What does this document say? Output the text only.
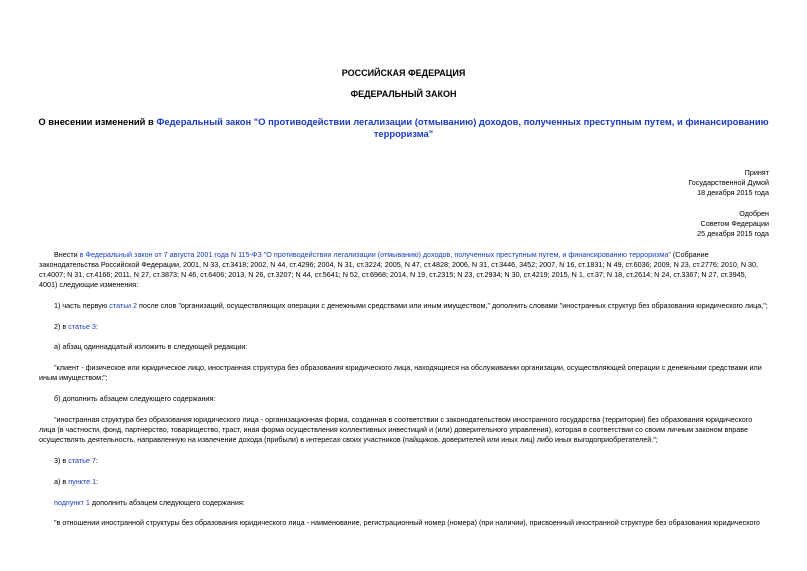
РОССИЙСКАЯ ФЕДЕРАЦИЯ
ФЕДЕРАЛЬНЫЙ ЗАКОН
О внесении изменений в Федеральный закон "О противодействии легализации (отмыванию) доходов, полученных преступным путем, и финансированию
терроризма"
Принят
Государственной Думой
18 декабря 2015 года
Одобрен
Советом Федерации
25 декабря 2015 года
Внести в Федеральный закон от 7 августа 2001 года N 115-ФЗ "О противодействии легализации (отмыванию) доходов, полученных преступным путем, и финансированию терроризма" (Собрание
законодательства Российской Федерации, 2001, N 33, ст.3418; 2002, N 44, ст.4296; 2004, N 31, ст.3224; 2005, N 47, ст.4828; 2006, N 31, ст.3446, 3452; 2007, N 16, ст.1831; N 49, ст.6036; 2009, N 23, ст.2776; 2010, N 30,
ст.4007; N 31, ст.4166; 2011, N 27, ст.3873; N 46, ст.6406; 2013, N 26, ст.3207; N 44, ст.5641; N 52, ст.6968; 2014, N 19, ст.2315; N 23, ст.2934; N 30, ст.4219; 2015, N 1, ст.37; N 18, ст.2614; N 24, ст.3367; N 27, ст.3945,
4001) следующие изменения:
1) часть первую статьи 2 после слов "организаций, осуществляющих операции с денежными средствами или иным имуществом," дополнить словами "иностранных структур без образования юридического лица,";
2) в статье 3:
а) абзац одиннадцатый изложить в следующей редакции:
"клиент - физическое или юридическое лицо, иностранная структура без образования юридического лица, находящиеся на обслуживании организации, осуществляющей операции с денежными средствами или
иным имуществом;";
б) дополнить абзацем следующего содержания:
"иностранная структура без образования юридического лица - организационная форма, созданная в соответствии с законодательством иностранного государства (территории) без образования юридического
лица (в частности, фонд, партнерство, товарищество, траст, иная форма осуществления коллективных инвестиций и (или) доверительного управления), которая в соответствии со своим личным законом вправе
осуществлять деятельность, направленную на извлечение дохода (прибыли) в интересах своих участников (пайщиков, доверителей или иных лиц) либо иных выгодоприобретателей.";
3) в статье 7:
а) в пункте 1:
подпункт 1 дополнить абзацем следующего содержания:
"в отношении иностранной структуры без образования юридического лица - наименование, регистрационный номер (номера) (при наличии), присвоенный иностранной структуре без образования юридического
